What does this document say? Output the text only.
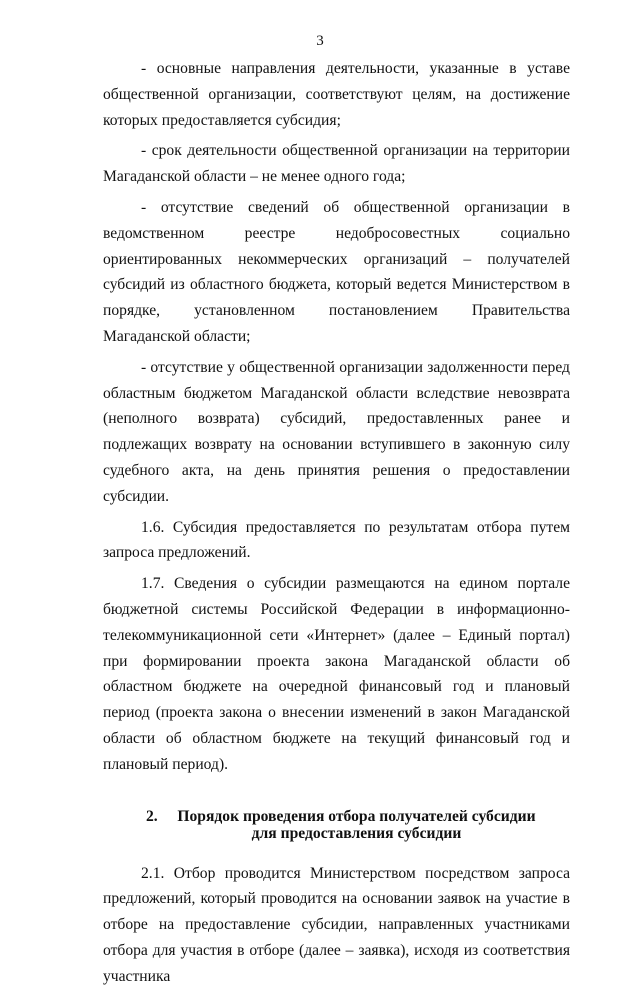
3

- основные направления деятельности, указанные в уставе общественной организации, соответствуют целям, на достижение которых предоставляется субсидия;

- срок деятельности общественной организации на территории Магаданской области – не менее одного года;

- отсутствие сведений об общественной организации в ведомственном реестре недобросовестных социально ориентированных некоммерческих организаций – получателей субсидий из областного бюджета, который ведется Министерством в порядке, установленном постановлением Правительства Магаданской области;

- отсутствие у общественной организации задолженности перед областным бюджетом Магаданской области вследствие невозврата (неполного возврата) субсидий, предоставленных ранее и подлежащих возврату на основании вступившего в законную силу судебного акта, на день принятия решения о предоставлении субсидии.

1.6. Субсидия предоставляется по результатам отбора путем запроса предложений.

1.7. Сведения о субсидии размещаются на едином портале бюджетной системы Российской Федерации в информационно-телекоммуникационной сети «Интернет» (далее – Единый портал) при формировании проекта закона Магаданской области об областном бюджете на очередной финансовый год и плановый период (проекта закона о внесении изменений в закон Магаданской области об областном бюджете на текущий финансовый год и плановый период).

2.	Порядок проведения отбора получателей субсидии
для предоставления субсидии

2.1. Отбор проводится Министерством посредством запроса предложений, который проводится на основании заявок на участие в отборе на предоставление субсидии, направленных участниками отбора для участия в отборе (далее – заявка), исходя из соответствия участника
